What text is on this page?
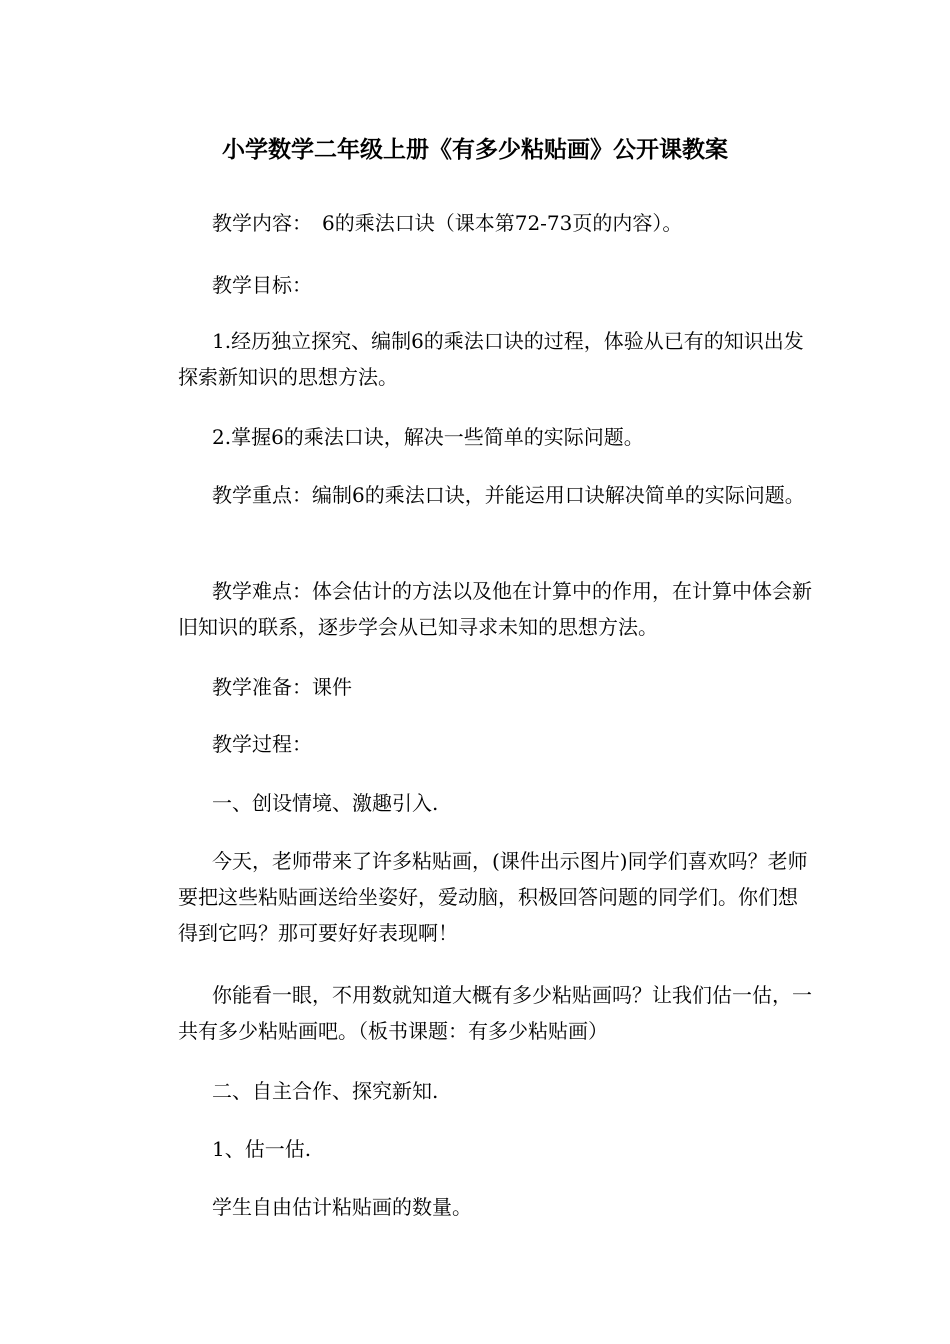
小学数学二年级上册《有多少粘贴画》公开课教案

教学内容：　6的乘法口诀（课本第72-73页的内容）。

教学目标：

1.经历独立探究、编制6的乘法口诀的过程，体验从已有的知识出发探索新知识的思想方法。

2.掌握6的乘法口诀，解决一些简单的实际问题。

教学重点：编制6的乘法口诀，并能运用口诀解决简单的实际问题。

教学难点：体会估计的方法以及他在计算中的作用，在计算中体会新旧知识的联系，逐步学会从已知寻求未知的思想方法。

教学准备：课件

教学过程：

一、创设情境、激趣引入.

今天，老师带来了许多粘贴画，(课件出示图片)同学们喜欢吗？老师要把这些粘贴画送给坐姿好，爱动脑，积极回答问题的同学们。你们想得到它吗？那可要好好表现啊！

你能看一眼，不用数就知道大概有多少粘贴画吗？让我们估一估，一共有多少粘贴画吧。（板书课题：有多少粘贴画）

二、自主合作、探究新知.

1、估一估.

学生自由估计粘贴画的数量。
